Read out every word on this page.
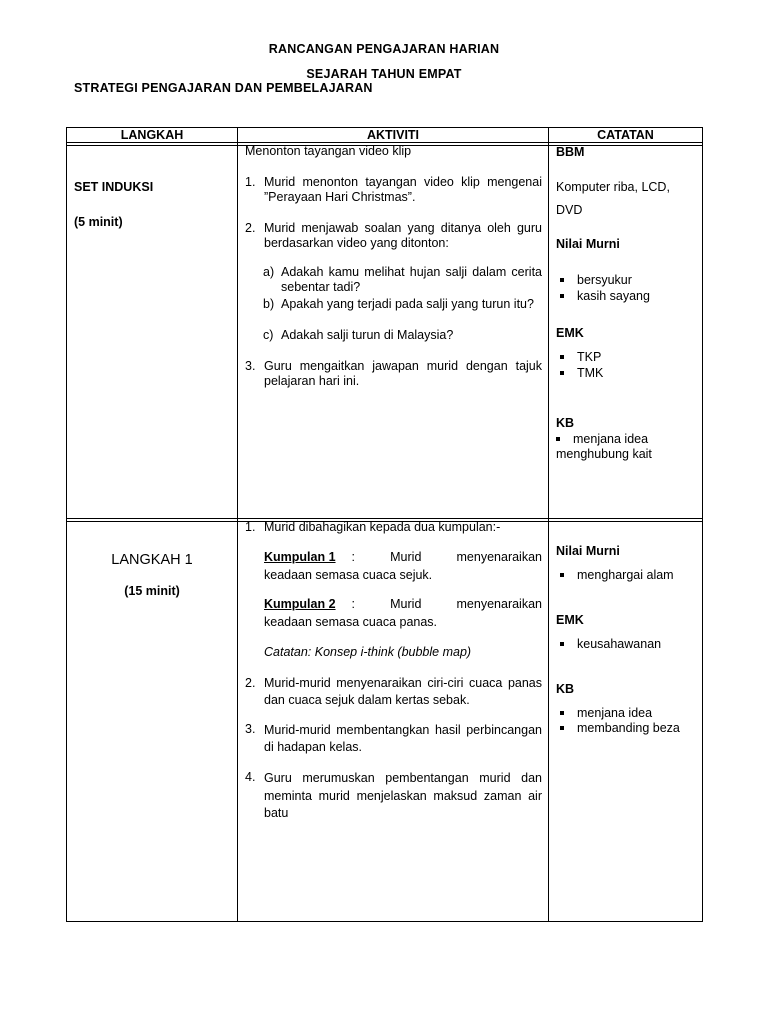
RANCANGAN PENGAJARAN HARIAN
SEJARAH TAHUN EMPAT
STRATEGI PENGAJARAN DAN PEMBELAJARAN
LANGKAH	AKTIVITI	CATATAN
SET INDUKSI
(5 minit)
Menonton tayangan video klip
1. Murid menonton tayangan video klip mengenai ”Perayaan Hari Christmas”.
2. Murid menjawab soalan yang ditanya oleh guru berdasarkan video yang ditonton:
a) Adakah kamu melihat hujan salji dalam cerita sebentar tadi?
b) Apakah yang terjadi pada salji yang turun itu?
c) Adakah salji turun di Malaysia?
3. Guru mengaitkan jawapan murid dengan tajuk pelajaran hari ini.
BBM
Komputer riba, LCD,
DVD
Nilai Murni
bersyukur
kasih sayang
EMK
TKP
TMK
KB
menjana idea
menghubung kait
LANGKAH 1
(15 minit)
1. Murid dibahagikan kepada dua kumpulan:-
Kumpulan 1 : Murid menyenaraikan
keadaan semasa cuaca sejuk.
Kumpulan 2 : Murid menyenaraikan
keadaan semasa cuaca panas.
Catatan: Konsep i-think (bubble map)
2. Murid-murid menyenaraikan ciri-ciri cuaca panas dan cuaca sejuk dalam kertas sebak.
3. Murid-murid membentangkan hasil perbincangan di hadapan kelas.
4. Guru merumuskan pembentangan murid dan meminta murid menjelaskan maksud zaman air batu
Nilai Murni
menghargai alam
EMK
keusahawanan
KB
menjana idea
membanding beza
